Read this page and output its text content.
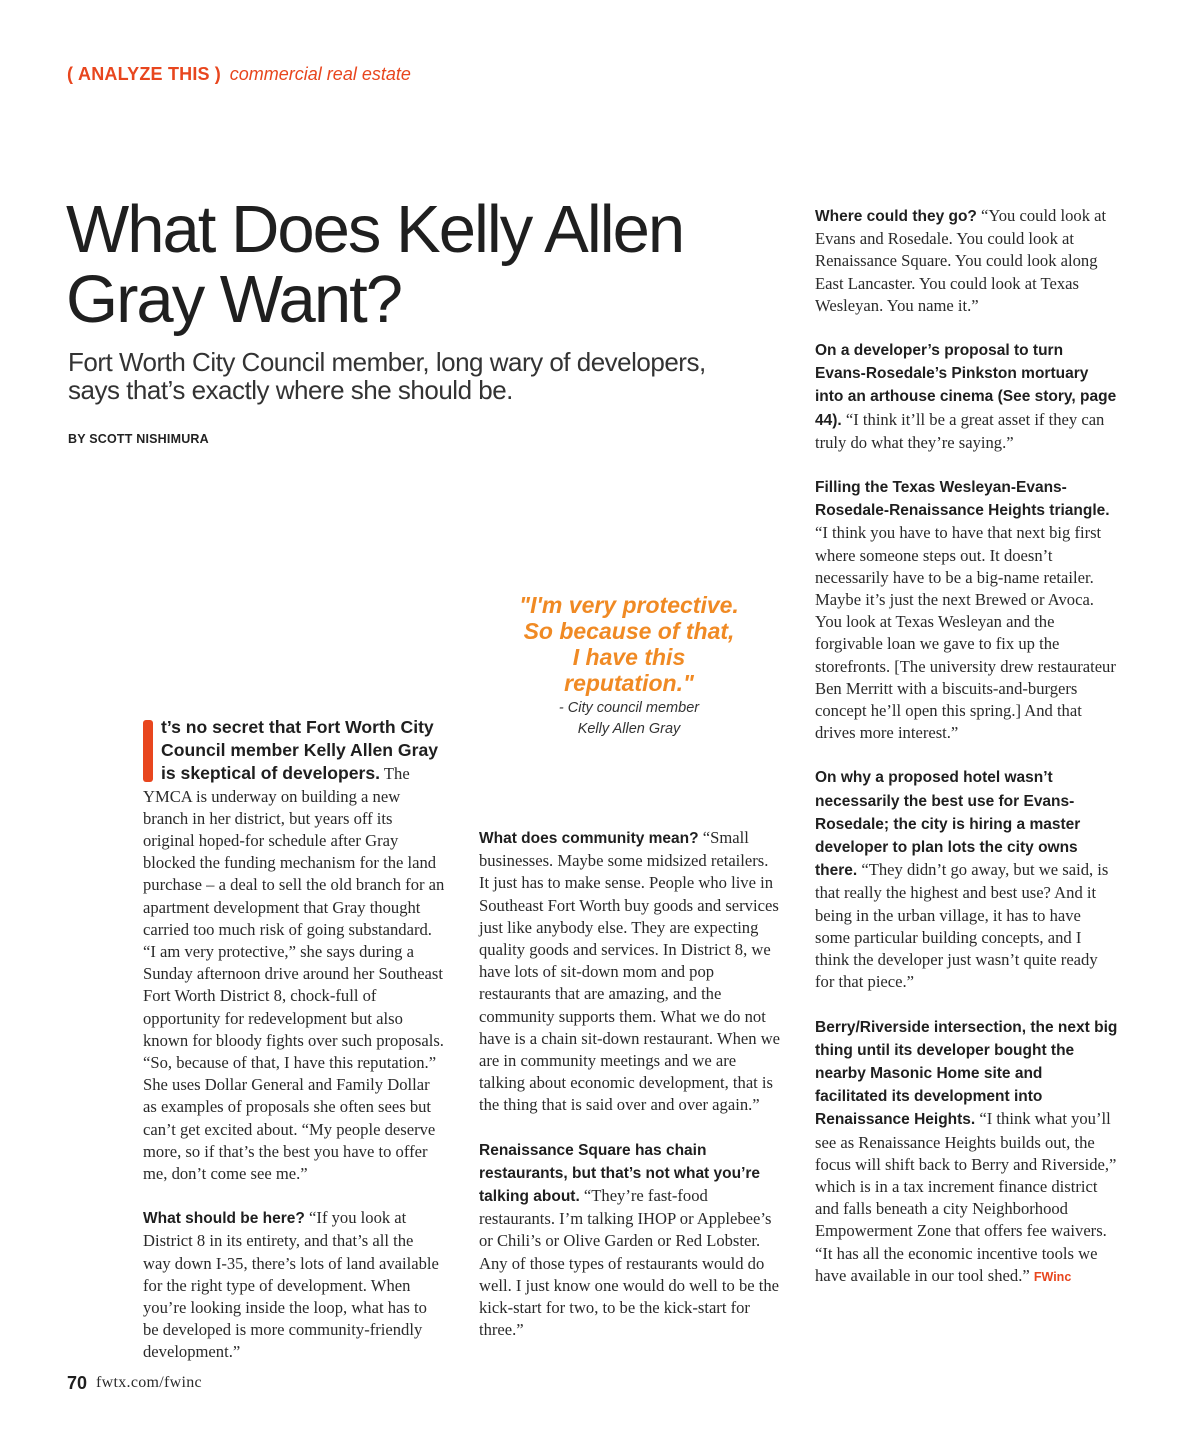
( ANALYZE THIS ) commercial real estate
What Does Kelly Allen
Gray Want?

Fort Worth City Council member, long wary of developers,
says that’s exactly where she should be.

BY SCOTT NISHIMURA
"I'm very protective. So because of that, I have this reputation."
- City council member
Kelly Allen Gray

t’s no secret that Fort Worth City Council member Kelly Allen Gray is skeptical of developers. The YMCA is underway on building a new branch in her district, but years off its original hoped-for schedule after Gray blocked the funding mechanism for the land purchase – a deal to sell the old branch for an apartment development that Gray thought carried too much risk of going substandard. “I am very protective,” she says during a Sunday afternoon drive around her Southeast Fort Worth District 8, chock-full of opportunity for redevelopment but also known for bloody fights over such proposals. “So, because of that, I have this reputation.” She uses Dollar General and Family Dollar as examples of proposals she often sees but can’t get excited about. “My people deserve more, so if that’s the best you have to offer me, don’t come see me.”

What should be here? “If you look at District 8 in its entirety, and that’s all the way down I-35, there’s lots of land available for the right type of development. When you’re looking inside the loop, what has to be developed is more community-friendly development.”

What does community mean? “Small businesses. Maybe some midsized retailers. It just has to make sense. People who live in Southeast Fort Worth buy goods and services just like anybody else. They are expecting quality goods and services. In District 8, we have lots of sit-down mom and pop restaurants that are amazing, and the community supports them. What we do not have is a chain sit-down restaurant. When we are in community meetings and we are talking about economic development, that is the thing that is said over and over again.”

Renaissance Square has chain restaurants, but that’s not what you’re talking about. “They’re fast-food restaurants. I’m talking IHOP or Applebee’s or Chili’s or Olive Garden or Red Lobster. Any of those types of restaurants would do well. I just know one would do well to be the kick-start for two, to be the kick-start for three.”

Where could they go? “You could look at Evans and Rosedale. You could look at Renaissance Square. You could look along East Lancaster. You could look at Texas Wesleyan. You name it.”

On a developer’s proposal to turn Evans-Rosedale’s Pinkston mortuary into an arthouse cinema (See story, page 44). “I think it’ll be a great asset if they can truly do what they’re saying.”

Filling the Texas Wesleyan-Evans-Rosedale-Renaissance Heights triangle. “I think you have to have that next big first where someone steps out. It doesn’t necessarily have to be a big-name retailer. Maybe it’s just the next Brewed or Avoca. You look at Texas Wesleyan and the forgivable loan we gave to fix up the storefronts. [The university drew restaurateur Ben Merritt with a biscuits-and-burgers concept he’ll open this spring.] And that drives more interest.”

On why a proposed hotel wasn’t necessarily the best use for Evans-Rosedale; the city is hiring a master developer to plan lots the city owns there. “They didn’t go away, but we said, is that really the highest and best use? And it being in the urban village, it has to have some particular building concepts, and I think the developer just wasn’t quite ready for that piece.”

Berry/Riverside intersection, the next big thing until its developer bought the nearby Masonic Home site and facilitated its development into Renaissance Heights. “I think what you’ll see as Renaissance Heights builds out, the focus will shift back to Berry and Riverside,” which is in a tax increment finance district and falls beneath a city Neighborhood Empowerment Zone that offers fee waivers. “It has all the economic incentive tools we have available in our tool shed.” FWinc

70 fwtx.com/fwinc
